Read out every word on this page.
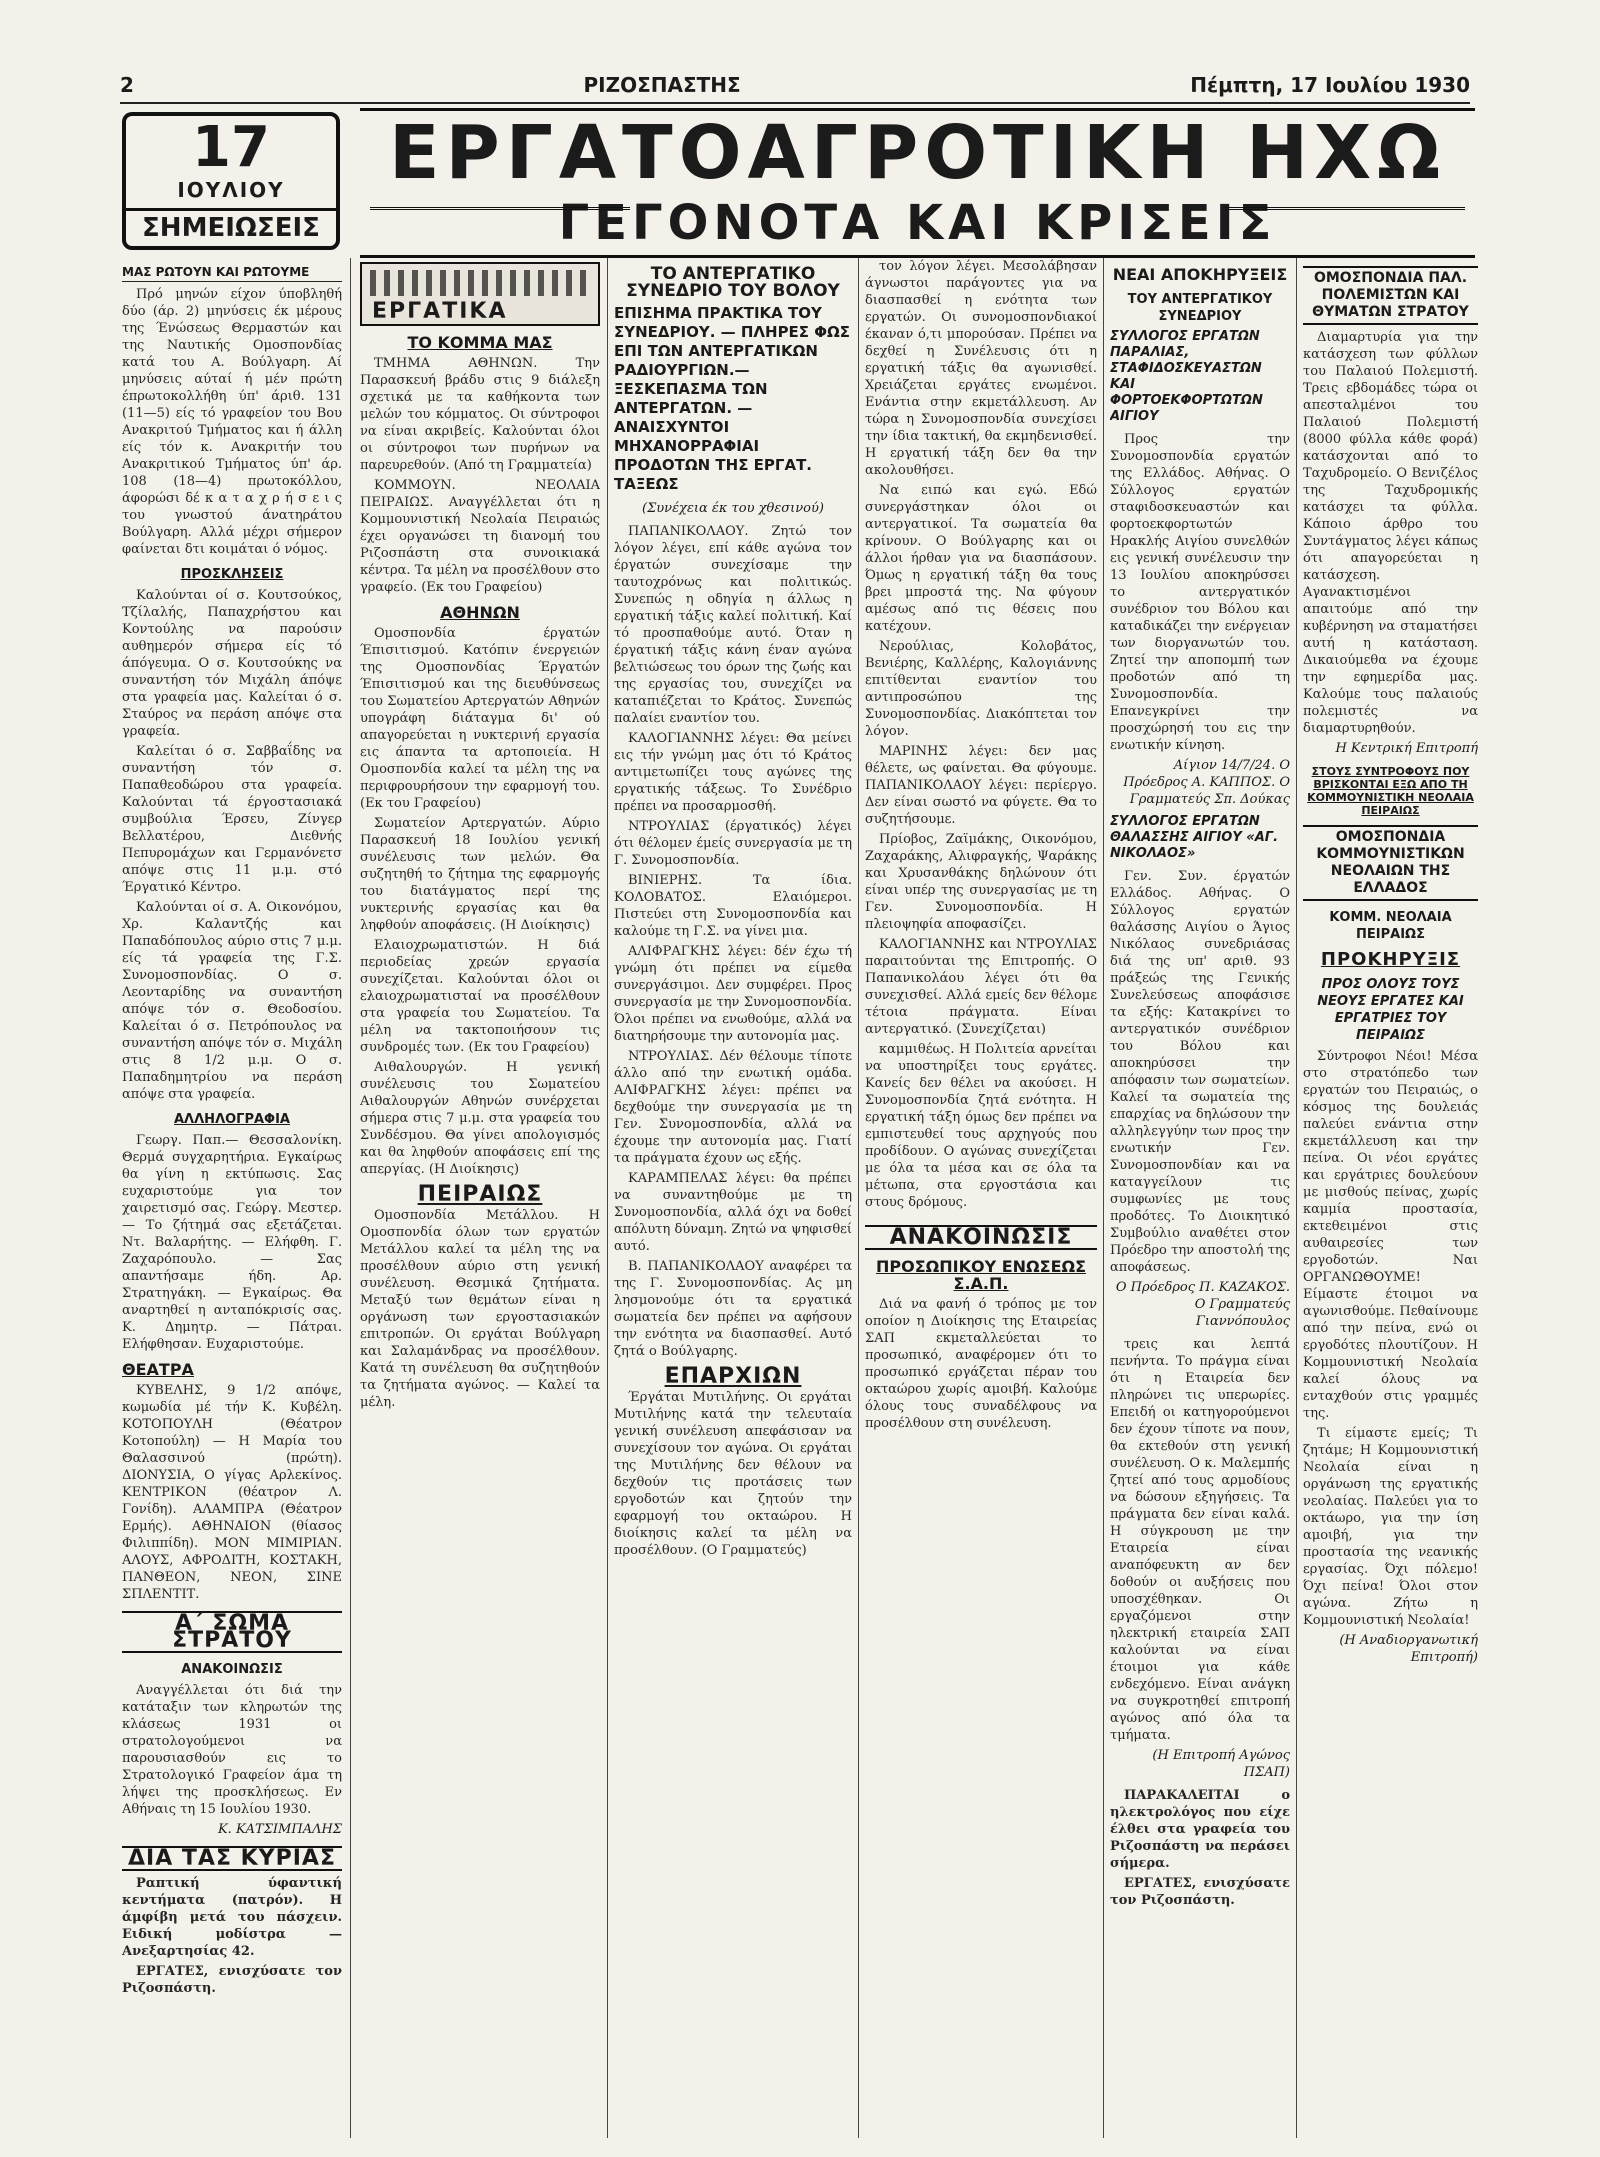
2	ΡΙΖΟΣΠΑΣΤΗΣ	Πέμπτη, 17 Ιουλίου 1930
17
ΙΟΥΛΙΟΥ
ΣΗΜΕΙΩΣΕΙΣ
ΕΡΓΑΤΟΑΓΡΟΤΙΚΗ ΗΧΩ
ΓΕΓΟΝΟΤΑ ΚΑΙ ΚΡΙΣΕΙΣ
ΜΑΣ ΡΩΤΟΥΝ ΚΑΙ ΡΩΤΟΥΜΕ

Πρό μηνών είχον ύποβληθή δύο (άρ. 2) μηνύσεις έκ μέρους της Ένώσεως Θερμαστών και της Ναυτικής Ομοσπονδίας κατά του Α. Βούλγαρη. Αί μηνύσεις αύταί ή μέν πρώτη έπρωτοκολλήθη ύπ' άριθ. 131 (11—5) είς τό γραφείον του Βου Ανακριτού Τμήματος και ή άλλη είς τόν κ. Ανακριτήν του Ανακριτικού Τμήματος ύπ' άρ. 108 (18—4) πρωτοκόλλου, άφορώσι δέ κ α τ α χ ρ ή σ ε ι ς του γνωστού άνατηράτου Βούλγαρη. Αλλά μέχρι σήμερον φαίνεται δτι κοιμάται ό νόμος.

ΠΡΟΣΚΛΗΣΕΙΣ

Καλούνται οί σ. Κουτσούκος, Τζίλαλής, Παπαχρήστου και Κοντούλης να παρούσιν αυθημερόν σήμερα είς τό άπόγευμα. Ο σ. Κουτσούκης να συναντήση τόν Μιχάλη άπόψε στα γραφεία μας. Καλείται ό σ. Σταύρος να περάση απόψε στα γραφεία.

Καλείται ό σ. Σαββαΐδης να συναντήση τόν σ. Παπαθεοδώρου στα γραφεία. Καλούνται τά έργοστασιακά συμβούλια Έρσευ, Ζίνγερ Βελλατέρου, Διεθνής Πεπυρομάχων και Γερμανόνετσ απόψε στις 11 μ.μ. στό Έργατικό Κέντρο.

Καλούνται οί σ. Α. Οικονόμου, Χρ. Καλαντζής και Παπαδόπουλος αύριο στις 7 μ.μ. είς τά γραφεία της Γ.Σ. Συνομοσπονδίας. Ο σ. Λεονταρίδης να συναντήση απόψε τόν σ. Θεοδοσίου. Καλείται ό σ. Πετρόπουλος να συναντήση απόψε τόν σ. Μιχάλη στις 8 1/2 μ.μ. Ο σ. Παπαδημητρίου να περάση απόψε στα γραφεία.

ΑΛΛΗΛΟΓΡΑΦΙΑ

Γεωργ. Παπ.— Θεσσαλονίκη. Θερμά συγχαρητήρια. Εγκαίρως θα γίνη η εκτύπωσις. Σας ευχαριστούμε για τον χαιρετισμό σας. Γεώργ. Μεστερ. — Το ζήτημά σας εξετάζεται. Ντ. Βαλαρήτης. — Ελήφθη. Γ. Ζαχαρόπουλο. — Σας απαντήσαμε ήδη. Αρ. Στρατηγάκη. — Εγκαίρως. Θα αναρτηθεί η ανταπόκρισίς σας. Κ. Δημητρ. — Πάτραι. Ελήφθησαν. Ευχαριστούμε.

ΘΕΑΤΡΑ

ΚΥΒΕΛΗΣ, 9 1/2 απόψε, κωμωδία μέ τήν Κ. Κυβέλη. ΚΟΤΟΠΟΥΛΗ (Θέατρον Κοτοπούλη) — Η Μαρία του Θαλασσινού (πρώτη). ΔΙΟΝΥΣΙΑ, Ο γίγας Αρλεκίνος. ΚΕΝΤΡΙΚΟΝ (θέατρον Λ. Γονίδη). ΑΛΑΜΠΡΑ (Θέατρον Ερμής). ΑΘΗΝΑΙΟΝ (θίασος Φιλιππίδη). ΜΟΝ ΜΙΜΙΡΙΑΝ. ΑΛΟΥΣ, ΑΦΡΟΔΙΤΗ, ΚΟΣΤΑΚΗ, ΠΑΝΘΕΟΝ, ΝΕΟΝ, ΣΙΝΕ ΣΠΛΕΝΤΙΤ.

Α΄ ΣΩΜΑ ΣΤΡΑΤΟΥ
ΑΝΑΚΟΙΝΩΣΙΣ

Αναγγέλλεται ότι διά την κατάταξιν των κληρωτών της κλάσεως 1931 οι στρατολογούμενοι να παρουσιασθούν εις το Στρατολογικό Γραφείον άμα τη λήψει της προσκλήσεως. Εν Αθήναις τη 15 Ιουλίου 1930.

Κ. ΚΑΤΣΙΜΠΑΛΗΣ
ΔΙΑ ΤΑΣ ΚΥΡΙΑΣ

Ραπτική ύφαντική κεντήματα (πατρόν). Η άμφίβη μετά του πάσχειν. Ειδική μοδίστρα — Ανεξαρτησίας 42.

ΕΡΓΑΤΕΣ, ενισχύσατε τον Ριζοσπάστη.

ΕΡΓΑΤΙΚΑ
ΤΟ ΚΟΜΜΑ ΜΑΣ

ΤΜΗΜΑ ΑΘΗΝΩΝ. Την Παρασκευή βράδυ στις 9 διάλεξη σχετικά με τα καθήκοντα των μελών του κόμματος. Οι σύντροφοι να είναι ακριβείς. Καλούνται όλοι οι σύντροφοι των πυρήνων να παρευρεθούν. (Από τη Γραμματεία)

ΚΟΜΜΟΥΝ. ΝΕΟΛΑΙΑ ΠΕΙΡΑΙΩΣ. Αναγγέλλεται ότι η Κομμουνιστική Νεολαία Πειραιώς έχει οργανώσει τη διανομή του Ριζοσπάστη στα συνοικιακά κέντρα. Τα μέλη να προσέλθουν στο γραφείο. (Εκ του Γραφείου)

ΑΘΗΝΩΝ

Ομοσπονδία έργατών Έπισιτισμού. Κατόπιν ένεργειών της Ομοσπονδίας Έργατών Έπισιτισμού και της διευθύνσεως του Σωματείου Αρτεργατών Αθηνών υπογράφη διάταγμα δι' ού απαγορεύεται η νυκτερινή εργασία εις άπαντα τα αρτοποιεία. Η Ομοσπονδία καλεί τα μέλη της να περιφρουρήσουν την εφαρμογή του. (Εκ του Γραφείου)

Σωματείον Αρτεργατών. Αύριο Παρασκευή 18 Ιουλίου γενική συνέλευσις των μελών. Θα συζητηθή το ζήτημα της εφαρμογής του διατάγματος περί της νυκτερινής εργασίας και θα ληφθούν αποφάσεις. (Η Διοίκησις)

Ελαιοχρωματιστών. Η διά περιοδείας χρεών εργασία συνεχίζεται. Καλούνται όλοι οι ελαιοχρωματισταί να προσέλθουν στα γραφεία του Σωματείου. Τα μέλη να τακτοποιήσουν τις συνδρομές των. (Εκ του Γραφείου)

Αιθαλουργών. Η γενική συνέλευσις του Σωματείου Αιθαλουργών Αθηνών συνέρχεται σήμερα στις 7 μ.μ. στα γραφεία του Συνδέσμου. Θα γίνει απολογισμός και θα ληφθούν αποφάσεις επί της απεργίας. (Η Διοίκησις)

ΠΕΙΡΑΙΩΣ

Ομοσπονδία Μετάλλου. Η Ομοσπονδία όλων των εργατών Μετάλλου καλεί τα μέλη της να προσέλθουν αύριο στη γενική συνέλευση. Θεσμικά ζητήματα. Μεταξύ των θεμάτων είναι η οργάνωση των εργοστασιακών επιτροπών. Οι εργάται Βούλγαρη και Σαλαμάνδρας να προσέλθουν. Κατά τη συνέλευση θα συζητηθούν τα ζητήματα αγώνος. — Καλεί τα μέλη.

ΤΟ ΑΝΤΕΡΓΑΤΙΚΟ ΣΥΝΕΔΡΙΟ ΤΟΥ ΒΟΛΟΥ
ΕΠΙΣΗΜΑ ΠΡΑΚΤΙΚΑ ΤΟΥ ΣΥΝΕΔΡΙΟΥ. — ΠΛΗΡΕΣ ΦΩΣ ΕΠΙ ΤΩΝ ΑΝΤΕΡΓΑΤΙΚΩΝ ΡΑΔΙΟΥΡΓΙΩΝ.—ΞΕΣΚΕΠΑΣΜΑ ΤΩΝ ΑΝΤΕΡΓΑΤΩΝ. — ΑΝΑΙΣΧΥΝΤΟΙ ΜΗΧΑΝΟΡΡΑΦΙΑΙ ΠΡΟΔΟΤΩΝ ΤΗΣ ΕΡΓΑΤ. ΤΑΞΕΩΣ
(Συνέχεια έκ του χθεσινού)

ΠΑΠΑΝΙΚΟΛΑΟΥ. Ζητώ τον λόγον λέγει, επί κάθε αγώνα τον έργατών συνεχίσαμε την ταυτοχρόνως και πολιτικώς. Συνεπώς η οδηγία η άλλως η εργατική τάξις καλεί πολιτική. Καί τό προσπαθούμε αυτό. Όταν η έργατική τάξις κάνη έναν αγώνα βελτιώσεως του όρων της ζωής και της εργασίας του, συνεχίζει να καταπιέζεται το Κράτος. Συνεπώς παλαίει εναντίον του.

ΚΑΛΟΓΙΑΝΝΗΣ λέγει: Θα μείνει εις τήν γνώμη μας ότι τό Κράτος αντιμετωπίζει τους αγώνες της εργατικής τάξεως. Το Συνέδριο πρέπει να προσαρμοσθή.

ΝΤΡΟΥΛΙΑΣ (έργατικός) λέγει ότι θέλομεν έμείς συνεργασία με τη Γ. Συνομοσπονδία.

ΒΙΝΙΕΡΗΣ. Τα ίδια. ΚΟΛΟΒΑΤΟΣ. Ελαιόμεροι. Πιστεύει στη Συνομοσπονδία και καλούμε τη Γ.Σ. να γίνει μια.

ΑΛΙΦΡΑΓΚΗΣ λέγει: δέν έχω τή γνώμη ότι πρέπει να είμεθα συνεργάσιμοι. Δεν συμφέρει. Προς συνεργασία με την Συνομοσπονδία. Όλοι πρέπει να ενωθούμε, αλλά να διατηρήσουμε την αυτονομία μας.

ΝΤΡΟΥΛΙΑΣ. Δέν θέλουμε τίποτε άλλο από την ενωτική ομάδα. ΑΛΙΦΡΑΓΚΗΣ λέγει: πρέπει να δεχθούμε την συνεργασία με τη Γεν. Συνομοσπονδία, αλλά να έχουμε την αυτονομία μας. Γιατί τα πράγματα έχουν ως εξής.

ΚΑΡΑΜΠΕΛΑΣ λέγει: θα πρέπει να συναντηθούμε με τη Συνομοσπονδία, αλλά όχι να δοθεί απόλυτη δύναμη. Ζητώ να ψηφισθεί αυτό.

Β. ΠΑΠΑΝΙΚΟΛΑΟΥ αναφέρει τα της Γ. Συνομοσπονδίας. Ας μη λησμονούμε ότι τα εργατικά σωματεία δεν πρέπει να αφήσουν την ενότητα να διασπασθεί. Αυτό ζητά ο Βούλγαρης.

ΕΠΑΡΧΙΩΝ

Έργάται Μυτιλήνης. Οι εργάται Μυτιλήνης κατά την τελευταία γενική συνέλευση απεφάσισαν να συνεχίσουν τον αγώνα. Οι εργάται της Μυτιλήνης δεν θέλουν να δεχθούν τις προτάσεις των εργοδοτών και ζητούν την εφαρμογή του οκταώρου. Η διοίκησις καλεί τα μέλη να προσέλθουν. (Ο Γραμματεύς)

τον λόγον λέγει. Μεσολάβησαν άγνωστοι παράγοντες για να διασπασθεί η ενότητα των εργατών. Οι συνομοσπονδιακοί έκαναν ό,τι μπορούσαν. Πρέπει να δεχθεί η Συνέλευσις ότι η εργατική τάξις θα αγωνισθεί. Χρειάζεται εργάτες ενωμένοι. Ενάντια στην εκμετάλλευση. Αν τώρα η Συνομοσπονδία συνεχίσει την ίδια τακτική, θα εκμηδενισθεί. Η εργατική τάξη δεν θα την ακολουθήσει.

Να ειπώ και εγώ. Εδώ συνεργάστηκαν όλοι οι αντεργατικοί. Τα σωματεία θα κρίνουν. Ο Βούλγαρης και οι άλλοι ήρθαν για να διασπάσουν. Όμως η εργατική τάξη θα τους βρει μπροστά της. Να φύγουν αμέσως από τις θέσεις που κατέχουν.

Νερούλιας, Κολοβάτος, Βενιέρης, Καλλέρης, Καλογιάννης επιτίθενται εναντίον του αντιπροσώπου της Συνομοσπονδίας. Διακόπτεται τον λόγον.

ΜΑΡΙΝΗΣ λέγει: δεν μας θέλετε, ως φαίνεται. Θα φύγουμε. ΠΑΠΑΝΙΚΟΛΑΟΥ λέγει: περίεργο. Δεν είναι σωστό να φύγετε. Θα το συζητήσουμε.

Πρίοβος, Ζαϊμάκης, Οικονόμου, Ζαχαράκης, Αλιφραγκής, Ψαράκης και Χρυσανθάκης δηλώνουν ότι είναι υπέρ της συνεργασίας με τη Γεν. Συνομοσπονδία. Η πλειοψηφία αποφασίζει.

ΚΑΛΟΓΙΑΝΝΗΣ και ΝΤΡΟΥΛΙΑΣ παραιτούνται της Επιτροπής. Ο Παπανικολάου λέγει ότι θα συνεχισθεί. Αλλά εμείς δεν θέλομε τέτοια πράγματα. Είναι αντεργατικό. (Συνεχίζεται)

καμμιθέως. Η Πολιτεία αρνείται να υποστηρίξει τους εργάτες. Κανείς δεν θέλει να ακούσει. Η Συνομοσπονδία ζητά ενότητα. Η εργατική τάξη όμως δεν πρέπει να εμπιστευθεί τους αρχηγούς που προδίδουν. Ο αγώνας συνεχίζεται με όλα τα μέσα και σε όλα τα μέτωπα, στα εργοστάσια και στους δρόμους.

ΑΝΑΚΟΙΝΩΣΙΣ
ΠΡΟΣΩΠΙΚΟΥ ΕΝΩΣΕΩΣ Σ.Α.Π.

Διά να φανή ό τρόπος με τον οποίον η Διοίκησις της Εταιρείας ΣΑΠ εκμεταλλεύεται το προσωπικό, αναφέρομεν ότι το προσωπικό εργάζεται πέραν του οκταώρου χωρίς αμοιβή. Καλούμε όλους τους συναδέλφους να προσέλθουν στη συνέλευση.

ΝΕΑΙ ΑΠΟΚΗΡΥΞΕΙΣ
ΤΟΥ ΑΝΤΕΡΓΑΤΙΚΟΥ ΣΥΝΕΔΡΙΟΥ
ΣΥΛΛΟΓΟΣ ΕΡΓΑΤΩΝ ΠΑΡΑΛΙΑΣ, ΣΤΑΦΙΔΟΣΚΕΥΑΣΤΩΝ ΚΑΙ ΦΟΡΤΟΕΚΦΟΡΤΩΤΩΝ ΑΙΓΙΟΥ

Προς την Συνομοσπονδία εργατών της Ελλάδος. Αθήνας. Ο Σύλλογος εργατών σταφιδοσκευαστών και φορτοεκφορτωτών Ηρακλής Αιγίου συνελθών εις γενική συνέλευσιν την 13 Ιουλίου αποκηρύσσει το αντεργατικόν συνέδριον του Βόλου και καταδικάζει την ενέργειαν των διοργανωτών του. Ζητεί την αποπομπή των προδοτών από τη Συνομοσπονδία. Επανεγκρίνει την προσχώρησή του εις την ενωτικήν κίνηση.

Αίγιον 14/7/24. Ο Πρόεδρος Α. ΚΑΠΠΟΣ. Ο Γραμματεύς Σπ. Δούκας
ΣΥΛΛΟΓΟΣ ΕΡΓΑΤΩΝ ΘΑΛΑΣΣΗΣ ΑΙΓΙΟΥ «ΑΓ. ΝΙΚΟΛΑΟΣ»

Γεν. Συν. έργατών Ελλάδος. Αθήνας. Ο Σύλλογος εργατών θαλάσσης Αιγίου ο Άγιος Νικόλαος συνεδριάσας διά της υπ' αριθ. 93 πράξεώς της Γενικής Συνελεύσεως αποφάσισε τα εξής: Κατακρίνει το αντεργατικόν συνέδριον του Βόλου και αποκηρύσσει την απόφασιν των σωματείων. Καλεί τα σωματεία της επαρχίας να δηλώσουν την αλληλεγγύην των προς την ενωτικήν Γεν. Συνομοσπονδίαν και να καταγγείλουν τις συμφωνίες με τους προδότες. Το Διοικητικό Συμβούλιο αναθέτει στον Πρόεδρο την αποστολή της αποφάσεως.

Ο Πρόεδρος Π. ΚΑΖΑΚΟΣ. Ο Γραμματεύς Γιαννόπουλος

τρεις και λεπτά πενήντα. Το πράγμα είναι ότι η Εταιρεία δεν πληρώνει τις υπερωρίες. Επειδή οι κατηγορούμενοι δεν έχουν τίποτε να πουν, θα εκτεθούν στη γενική συνέλευση. Ο κ. Μαλεμπής ζητεί από τους αρμοδίους να δώσουν εξηγήσεις. Τα πράγματα δεν είναι καλά. Η σύγκρουση με την Εταιρεία είναι αναπόφευκτη αν δεν δοθούν οι αυξήσεις που υποσχέθηκαν. Οι εργαζόμενοι στην ηλεκτρική εταιρεία ΣΑΠ καλούνται να είναι έτοιμοι για κάθε ενδεχόμενο. Είναι ανάγκη να συγκροτηθεί επιτροπή αγώνος από όλα τα τμήματα.

(Η Επιτροπή Αγώνος ΠΣΑΠ)

ΠΑΡΑΚΑΛΕΙΤΑΙ ο ηλεκτρολόγος που είχε έλθει στα γραφεία του Ριζοσπάστη να περάσει σήμερα.

ΕΡΓΑΤΕΣ, ενισχύσατε τον Ριζοσπάστη.

ΟΜΟΣΠΟΝΔΙΑ ΠΑΛ. ΠΟΛΕΜΙΣΤΩΝ ΚΑΙ ΘΥΜΑΤΩΝ ΣΤΡΑΤΟΥ

Διαμαρτυρία για την κατάσχεση των φύλλων του Παλαιού Πολεμιστή. Τρεις εβδομάδες τώρα οι απεσταλμένοι του Παλαιού Πολεμιστή (8000 φύλλα κάθε φορά) κατάσχονται από το Ταχυδρομείο. Ο Βενιζέλος της Ταχυδρομικής κατάσχει τα φύλλα. Κάποιο άρθρο του Συντάγματος λέγει κάπως ότι απαγορεύεται η κατάσχεση. Αγανακτισμένοι απαιτούμε από την κυβέρνηση να σταματήσει αυτή η κατάσταση. Δικαιούμεθα να έχουμε την εφημερίδα μας. Καλούμε τους παλαιούς πολεμιστές να διαμαρτυρηθούν.

Η Κεντρική Επιτροπή
ΣΤΟΥΣ ΣΥΝΤΡΟΦΟΥΣ ΠΟΥ ΒΡΙΣΚΟΝΤΑΙ ΕΞΩ ΑΠΟ ΤΗ ΚΟΜΜΟΥΝΙΣΤΙΚΗ ΝΕΟΛΑΙΑ ΠΕΙΡΑΙΩΣ
ΟΜΟΣΠΟΝΔΙΑ ΚΟΜΜΟΥΝΙΣΤΙΚΩΝ ΝΕΟΛΑΙΩΝ ΤΗΣ ΕΛΛΑΔΟΣ
ΚΟΜΜ. ΝΕΟΛΑΙΑ ΠΕΙΡΑΙΩΣ
ΠΡΟΚΗΡΥΞΙΣ
ΠΡΟΣ ΟΛΟΥΣ ΤΟΥΣ ΝΕΟΥΣ ΕΡΓΑΤΕΣ ΚΑΙ ΕΡΓΑΤΡΙΕΣ ΤΟΥ ΠΕΙΡΑΙΩΣ

Σύντροφοι Νέοι! Μέσα στο στρατόπεδο των εργατών του Πειραιώς, ο κόσμος της δουλειάς παλεύει ενάντια στην εκμετάλλευση και την πείνα. Οι νέοι εργάτες και εργάτριες δουλεύουν με μισθούς πείνας, χωρίς καμμία προστασία, εκτεθειμένοι στις αυθαιρεσίες των εργοδοτών. Ναι ΟΡΓΑΝΩΘΟΥΜΕ! Είμαστε έτοιμοι να αγωνισθούμε. Πεθαίνουμε από την πείνα, ενώ οι εργοδότες πλουτίζουν. Η Κομμουνιστική Νεολαία καλεί όλους να ενταχθούν στις γραμμές της.

Τι είμαστε εμείς; Τι ζητάμε; Η Κομμουνιστική Νεολαία είναι η οργάνωση της εργατικής νεολαίας. Παλεύει για το οκτάωρο, για την ίση αμοιβή, για την προστασία της νεανικής εργασίας. Όχι πόλεμο! Όχι πείνα! Όλοι στον αγώνα. Ζήτω η Κομμουνιστική Νεολαία!

(Η Αναδιοργανωτική Επιτροπή)
